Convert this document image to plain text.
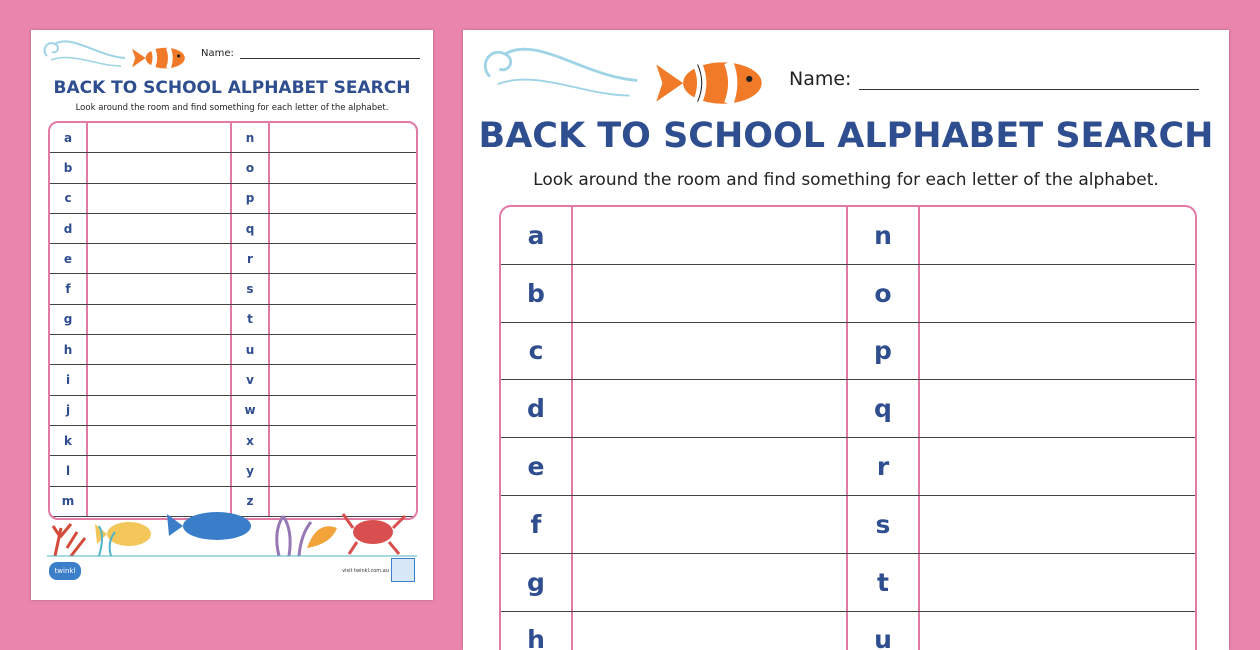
Name:
BACK TO SCHOOL ALPHABET SEARCH
Look around the room and find something for each letter of the alphabet.
a	n
b	o
c	p
d	q
e	r
f	s
g	t
h	u
i	v
j	w
k	x
l	y
m	z
twinkl	visit twinkl.com.au
Name:
BACK TO SCHOOL ALPHABET SEARCH
Look around the room and find something for each letter of the alphabet.
a	n
b	o
c	p
d	q
e	r
f	s
g	t
h	u
